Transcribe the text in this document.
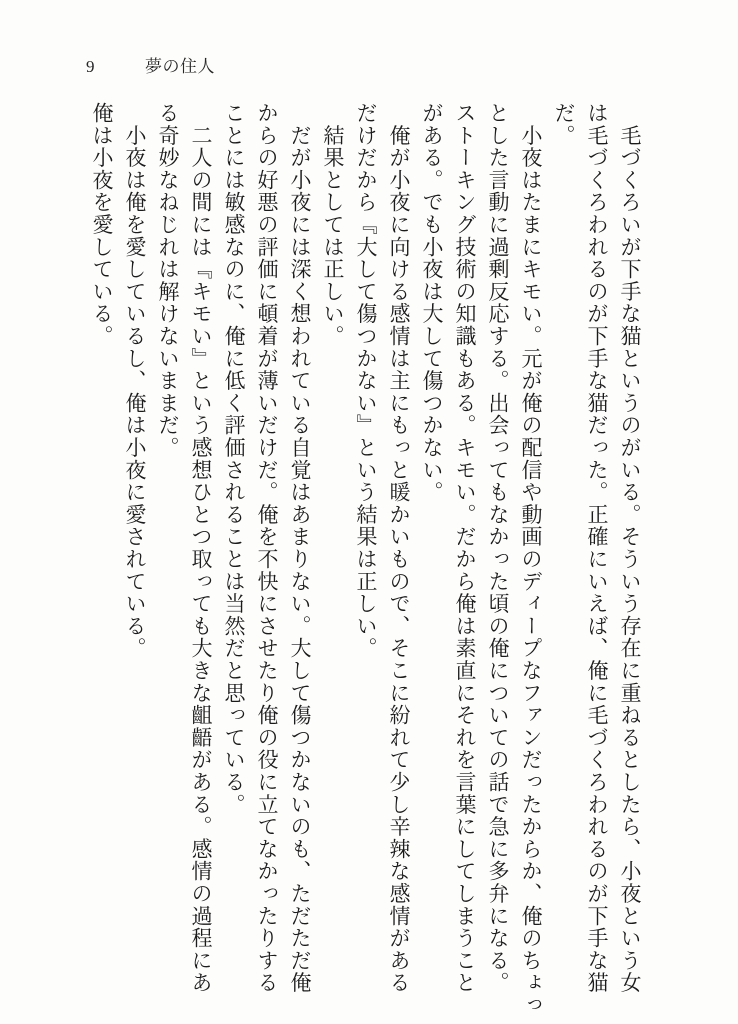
9	夢の住人
　毛づくろいが下手な猫というのがいる。そういう存在に重ねるとしたら、小夜という女
は毛づくろわれるのが下手な猫だった。正確にいえば、俺に毛づくろわれるのが下手な猫
だ。
　小夜はたまにキモい。元が俺の配信や動画のディープなファンだったからか、俺のちょっ
とした言動に過剰反応する。出会ってもなかった頃の俺についての話で急に多弁になる。
ストーキング技術の知識もある。キモい。だから俺は素直にそれを言葉にしてしまうこと
がある。でも小夜は大して傷つかない。
　俺が小夜に向ける感情は主にもっと暖かいもので、そこに紛れて少し辛辣な感情がある
だけだから『大して傷つかない』という結果は正しい。
　結果としては正しい。
　だが小夜には深く想われている自覚はあまりない。大して傷つかないのも、ただただ俺
からの好悪の評価に頓着が薄いだけだ。俺を不快にさせたり俺の役に立てなかったりする
ことには敏感なのに、俺に低く評価されることは当然だと思っている。
　二人の間には『キモい』という感想ひとつ取っても大きな齟齬がある。感情の過程にあ
る奇妙なねじれは解けないままだ。
　小夜は俺を愛しているし、俺は小夜に愛されている。
俺は小夜を愛している。
